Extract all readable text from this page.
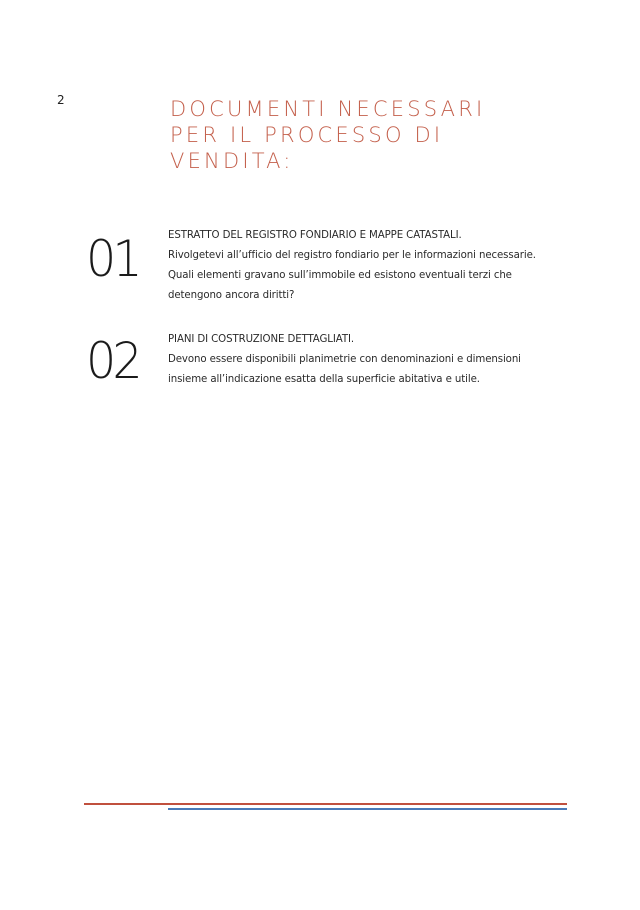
2	DOCUMENTI NECESSARI
PER IL PROCESSO DI
VENDITA:
01	ESTRATTO DEL REGISTRO FONDIARIO E MAPPE CATASTALI.
Rivolgetevi all’ufficio del registro fondiario per le informazioni necessarie.
Quali elementi gravano sull’immobile ed esistono eventuali terzi che
detengono ancora diritti?
02	PIANI DI COSTRUZIONE DETTAGLIATI.
Devono essere disponibili planimetrie con denominazioni e dimensioni
insieme all’indicazione esatta della superficie abitativa e utile.
